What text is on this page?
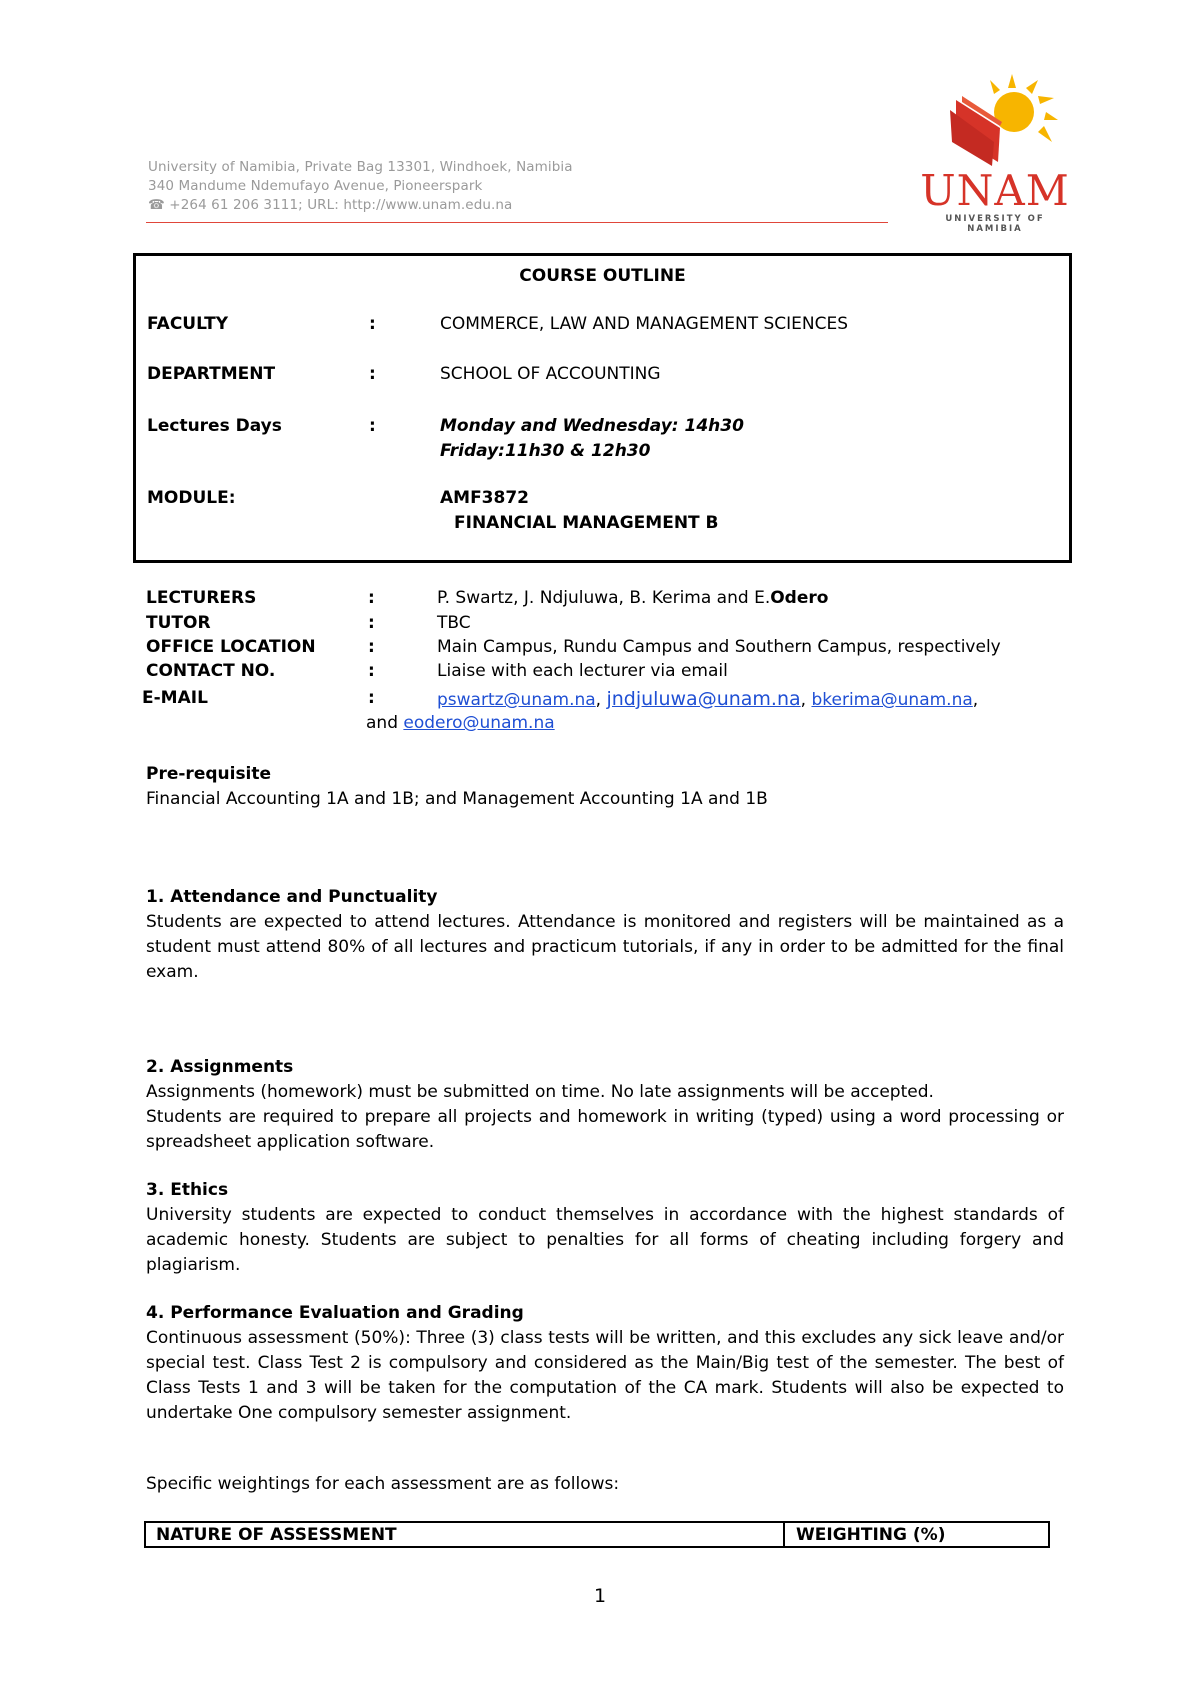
University of Namibia, Private Bag 13301, Windhoek, Namibia
340 Mandume Ndemufayo Avenue, Pioneerspark
☎ +264 61 206 3111; URL: http://www.unam.edu.na	UNAM
UNIVERSITY OF NAMIBIA
COURSE OUTLINE
FACULTY	:	COMMERCE, LAW AND MANAGEMENT SCIENCES
DEPARTMENT	:	SCHOOL OF ACCOUNTING
Lectures Days	:	Monday and Wednesday: 14h30
Friday:11h30 & 12h30
MODULE:	AMF3872
FINANCIAL MANAGEMENT B
LECTURERS	:	P. Swartz, J. Ndjuluwa, B. Kerima and E.Odero
TUTOR	:	TBC
OFFICE LOCATION	:	Main Campus, Rundu Campus and Southern Campus, respectively
CONTACT NO.	:	Liaise with each lecturer via email
E-MAIL	:	pswartz@unam.na, jndjuluwa@unam.na, bkerima@unam.na,
and eodero@unam.na
Pre-requisite
Financial Accounting 1A and 1B; and Management Accounting 1A and 1B
1. Attendance and Punctuality
Students are expected to attend lectures. Attendance is monitored and registers will be maintained as a student must attend 80% of all lectures and practicum tutorials, if any in order to be admitted for the final exam.
2. Assignments
Assignments (homework) must be submitted on time. No late assignments will be accepted.
Students are required to prepare all projects and homework in writing (typed) using a word processing or spreadsheet application software.
3. Ethics
University students are expected to conduct themselves in accordance with the highest standards of academic honesty. Students are subject to penalties for all forms of cheating including forgery and plagiarism.
4. Performance Evaluation and Grading
Continuous assessment (50%): Three (3) class tests will be written, and this excludes any sick leave and/or special test. Class Test 2 is compulsory and considered as the Main/Big test of the semester. The best of Class Tests 1 and 3 will be taken for the computation of the CA mark. Students will also be expected to undertake One compulsory semester assignment.
Specific weightings for each assessment are as follows:
NATURE OF ASSESSMENT	WEIGHTING (%)
1
